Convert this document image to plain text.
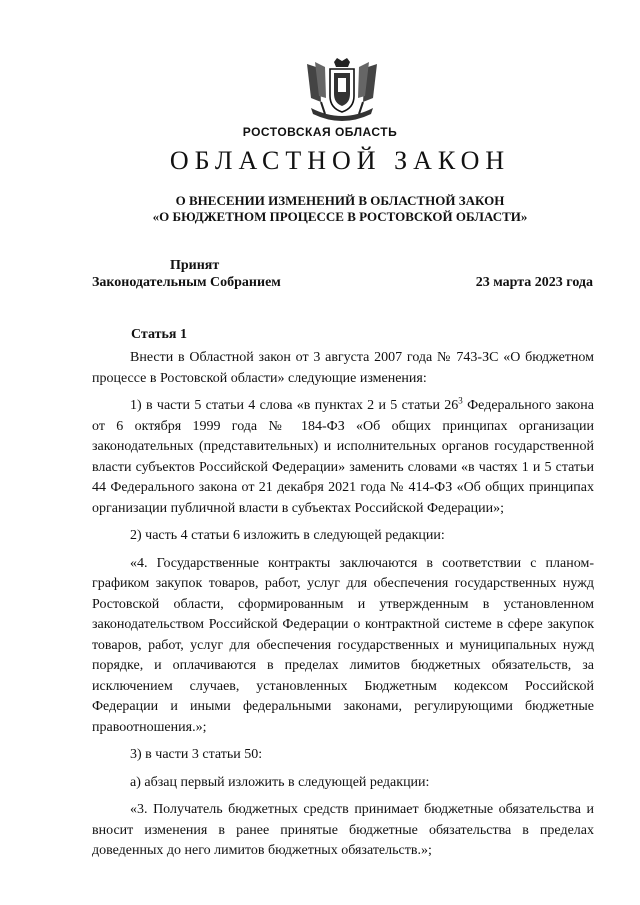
РОСТОВСКАЯ ОБЛАСТЬ
ОБЛАСТНОЙ ЗАКОН
О ВНЕСЕНИИ ИЗМЕНЕНИЙ В ОБЛАСТНОЙ ЗАКОН
«О БЮДЖЕТНОМ ПРОЦЕССЕ В РОСТОВСКОЙ ОБЛАСТИ»
Принят
Законодательным Собранием	23 марта 2023 года
Статья 1

Внести в Областной закон от 3 августа 2007 года № 743-ЗС «О бюджетном процессе в Ростовской области» следующие изменения:

1) в части 5 статьи 4 слова «в пунктах 2 и 5 статьи $26^3$ Федерального закона от 6 октября 1999 года № 184-ФЗ «Об общих принципах организации законодательных (представительных) и исполнительных органов государственной власти субъектов Российской Федерации» заменить словами «в частях 1 и 5 статьи 44 Федерального закона от 21 декабря 2021 года № 414-ФЗ «Об общих принципах организации публичной власти в субъектах Российской Федерации»;

2) часть 4 статьи 6 изложить в следующей редакции:

«4. Государственные контракты заключаются в соответствии с планом-графиком закупок товаров, работ, услуг для обеспечения государственных нужд Ростовской области, сформированным и утвержденным в установленном законодательством Российской Федерации о контрактной системе в сфере закупок товаров, работ, услуг для обеспечения государственных и муниципальных нужд порядке, и оплачиваются в пределах лимитов бюджетных обязательств, за исключением случаев, установленных Бюджетным кодексом Российской Федерации и иными федеральными законами, регулирующими бюджетные правоотношения.»;

3) в части 3 статьи 50:

а) абзац первый изложить в следующей редакции:

«3. Получатель бюджетных средств принимает бюджетные обязательства и вносит изменения в ранее принятые бюджетные обязательства в пределах доведенных до него лимитов бюджетных обязательств.»;
